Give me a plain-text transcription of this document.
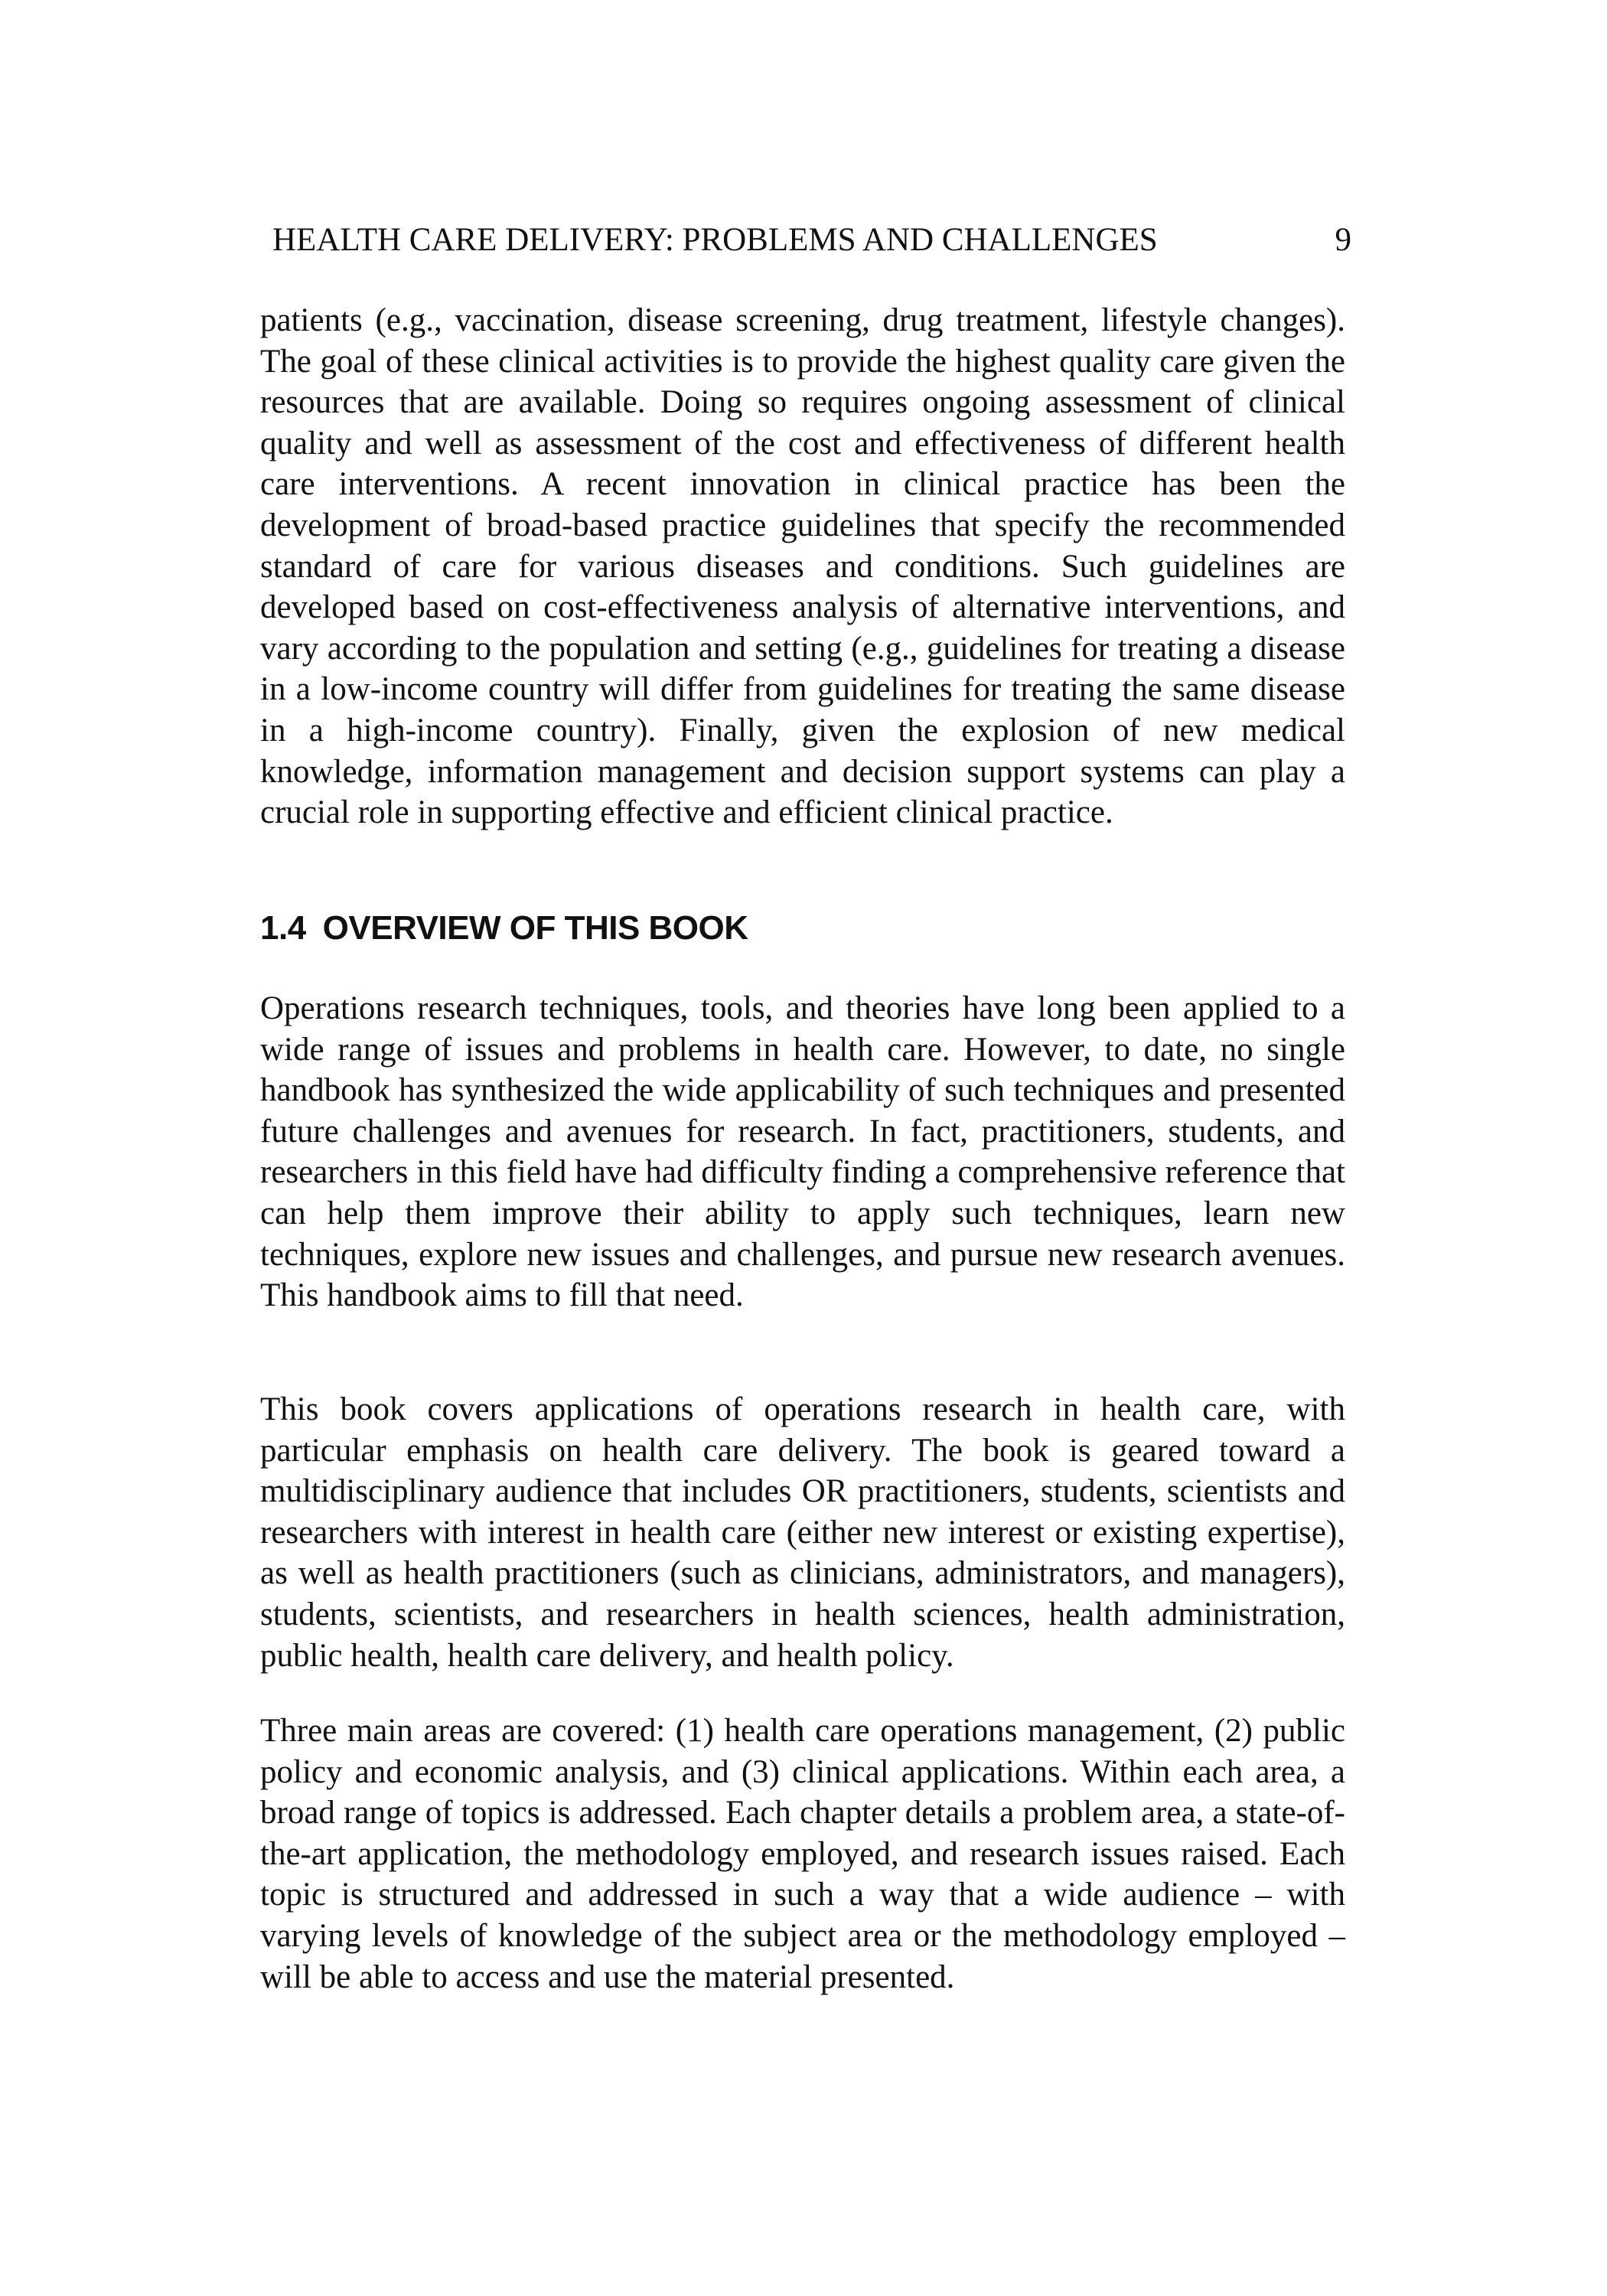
HEALTH CARE DELIVERY: PROBLEMS AND CHALLENGES	9

patients (e.g., vaccination, disease screening, drug treatment, lifestyle changes). The goal of these clinical activities is to provide the highest quality care given the resources that are available. Doing so requires ongoing assessment of clinical quality and well as assessment of the cost and effectiveness of different health care interventions. A recent innovation in clinical practice has been the development of broad-based practice guidelines that specify the recommended standard of care for various diseases and conditions. Such guidelines are developed based on cost-effectiveness analysis of alternative interventions, and vary according to the population and setting (e.g., guidelines for treating a disease in a low-income country will differ from guidelines for treating the same disease in a high-income country). Finally, given the explosion of new medical knowledge, information management and decision support systems can play a crucial role in supporting effective and efficient clinical practice.

1.4 OVERVIEW OF THIS BOOK

Operations research techniques, tools, and theories have long been applied to a wide range of issues and problems in health care. However, to date, no single handbook has synthesized the wide applicability of such techniques and presented future challenges and avenues for research. In fact, practitioners, students, and researchers in this field have had difficulty finding a comprehensive reference that can help them improve their ability to apply such techniques, learn new techniques, explore new issues and challenges, and pursue new research avenues. This handbook aims to fill that need.

This book covers applications of operations research in health care, with particular emphasis on health care delivery. The book is geared toward a multidisciplinary audience that includes OR practitioners, students, scientists and researchers with interest in health care (either new interest or existing expertise), as well as health practitioners (such as clinicians, administrators, and managers), students, scientists, and researchers in health sciences, health administration, public health, health care delivery, and health policy.

Three main areas are covered: (1) health care operations management, (2) public policy and economic analysis, and (3) clinical applications. Within each area, a broad range of topics is addressed. Each chapter details a problem area, a state-of-the-art application, the methodology employed, and research issues raised. Each topic is structured and addressed in such a way that a wide audience – with varying levels of knowledge of the subject area or the methodology employed – will be able to access and use the material presented.
